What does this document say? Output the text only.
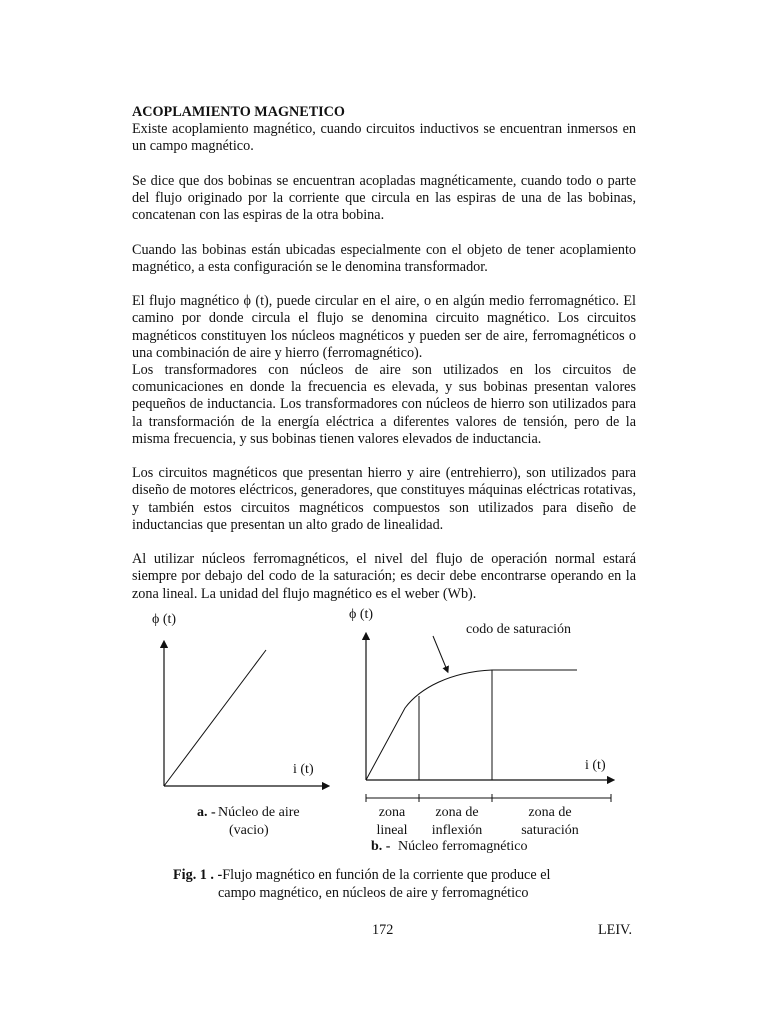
ACOPLAMIENTO MAGNETICO
Existe acoplamiento magnético, cuando circuitos inductivos se encuentran inmersos en un campo magnético.

Se dice que dos bobinas se encuentran acopladas magnéticamente, cuando todo o parte del flujo originado por la corriente que circula en las espiras de una de las bobinas, concatenan con las espiras de la otra bobina.

Cuando las bobinas están ubicadas especialmente con el objeto de tener acoplamiento magnético, a esta configuración se le denomina transformador.

El flujo magnético ϕ (t), puede circular en el aire, o en algún medio ferromagnético. El camino por donde circula el flujo se denomina circuito magnético. Los circuitos magnéticos constituyen los núcleos magnéticos y pueden ser de aire, ferromagnéticos o una combinación de aire y hierro (ferromagnético).

Los transformadores con núcleos de aire son utilizados en los circuitos de comunicaciones en donde la frecuencia es elevada, y sus bobinas presentan valores pequeños de inductancia. Los transformadores con núcleos de hierro son utilizados para la transformación de la energía eléctrica a diferentes valores de tensión, pero de la misma frecuencia, y sus bobinas tienen valores elevados de inductancia.

Los circuitos magnéticos que presentan hierro y aire (entrehierro), son utilizados para diseño de motores eléctricos, generadores, que constituyes máquinas eléctricas rotativas, y también estos circuitos magnéticos compuestos son utilizados para diseño de inductancias que presentan un alto grado de linealidad.

Al utilizar núcleos ferromagnéticos, el nivel del flujo de operación normal estará siempre por debajo del codo de la saturación; es decir debe encontrarse operando en la zona lineal. La unidad del flujo magnético es el weber (Wb).

ϕ (t)
i (t)
a. - Núcleo de aire
(vacio)
ϕ (t)
i (t)
codo de saturación
zona
lineal
zona de
inflexión
zona de
saturación
b. - Núcleo ferromagnético
Fig. 1 . -Flujo magnético en función de la corriente que produce el
campo magnético, en núcleos de aire y ferromagnético
172	LEIV.
